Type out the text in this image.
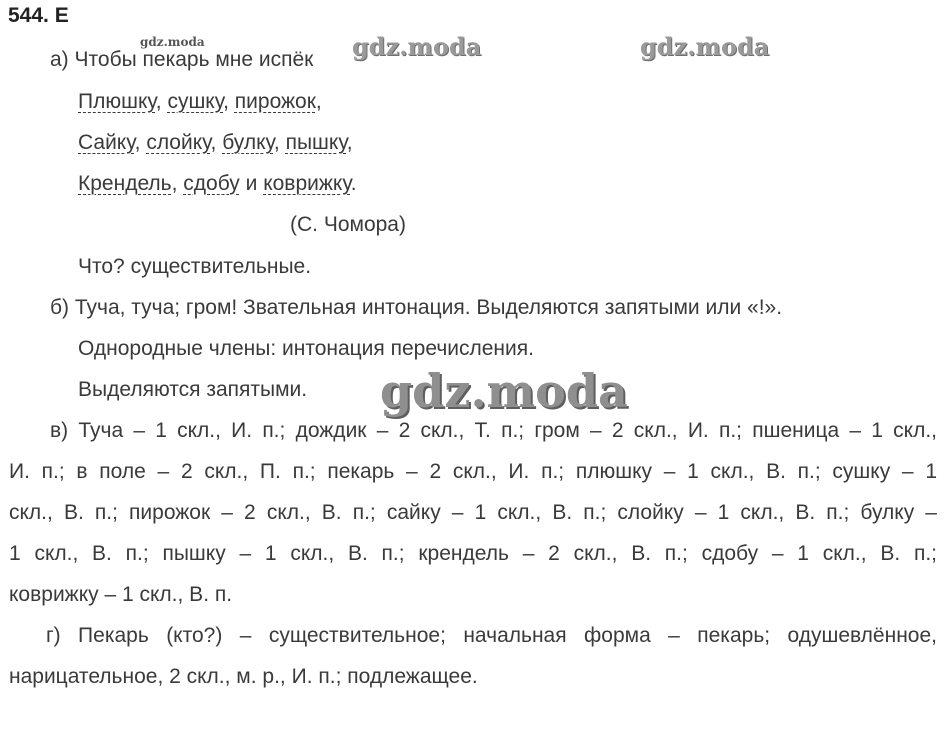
544. Е
gdz.moda	gdz.moda	gdz.moda
gdz.moda
а) Чтобы пекарь мне испёк
Плюшку, сушку, пирожок,
Сайку, слойку, булку, пышку,
Крендель, сдобу и коврижку.
(С. Чомора)
Что? существительные.
б) Туча, туча; гром! Звательная интонация. Выделяются запятыми или «!».
Однородные члены: интонация перечисления.
Выделяются запятыми.
в) Туча – 1 скл., И. п.; дождик – 2 скл., Т. п.; гром – 2 скл., И. п.; пшеница – 1 скл.,
И. п.; в поле – 2 скл., П. п.; пекарь – 2 скл., И. п.; плюшку – 1 скл., В. п.; сушку – 1
скл., В. п.; пирожок – 2 скл., В. п.; сайку – 1 скл., В. п.; слойку – 1 скл., В. п.; булку –
1 скл., В. п.; пышку – 1 скл., В. п.; крендель – 2 скл., В. п.; сдобу – 1 скл., В. п.;
коврижку – 1 скл., В. п.
г) Пекарь (кто?) – существительное; начальная форма – пекарь; одушевлённое,
нарицательное, 2 скл., м. р., И. п.; подлежащее.
